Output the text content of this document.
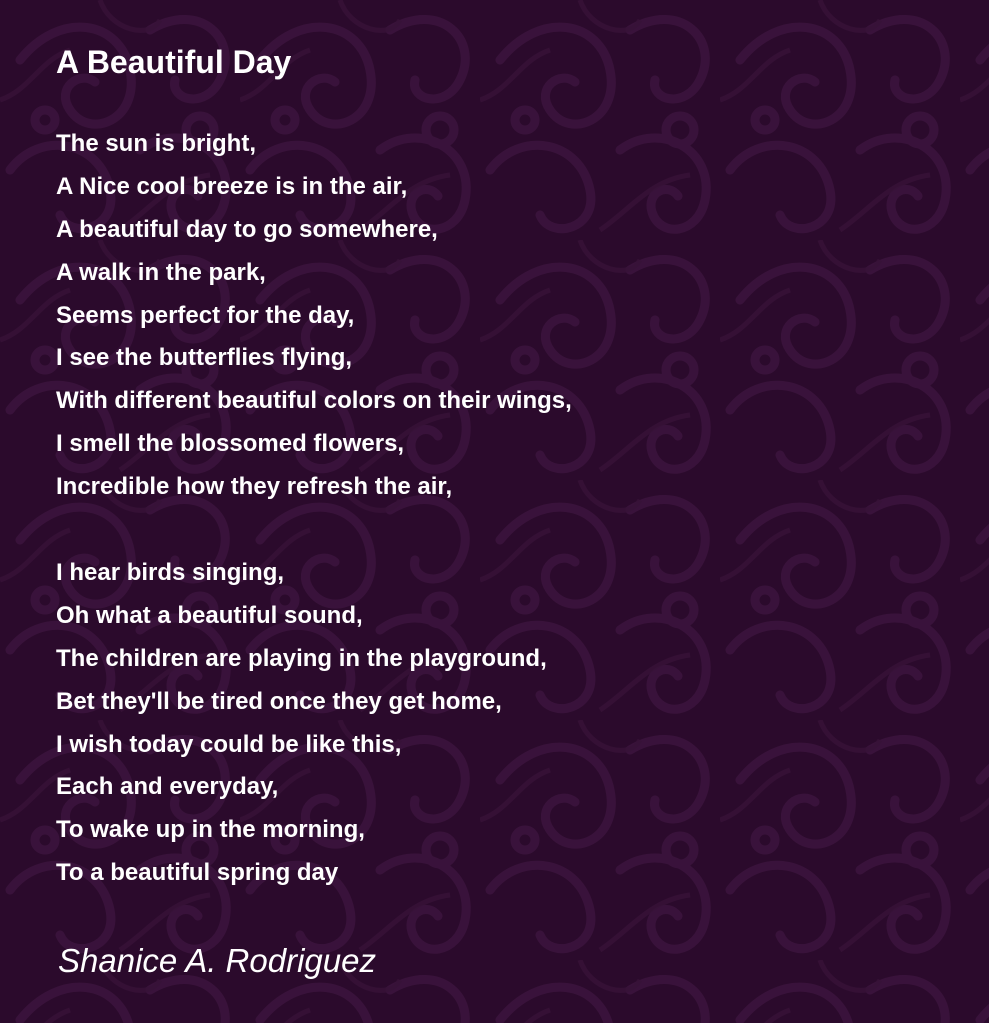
A Beautiful Day
The sun is bright,
A Nice cool breeze is in the air,
A beautiful day to go somewhere,
A walk in the park,
Seems perfect for the day,
I see the butterflies flying,
With different beautiful colors on their wings,
I smell the blossomed flowers,
Incredible how they refresh the air,
I hear birds singing,
Oh what a beautiful sound,
The children are playing in the playground,
Bet they'll be tired once they get home,
I wish today could be like this,
Each and everyday,
To wake up in the morning,
To a beautiful spring day

Shanice A. Rodriguez
